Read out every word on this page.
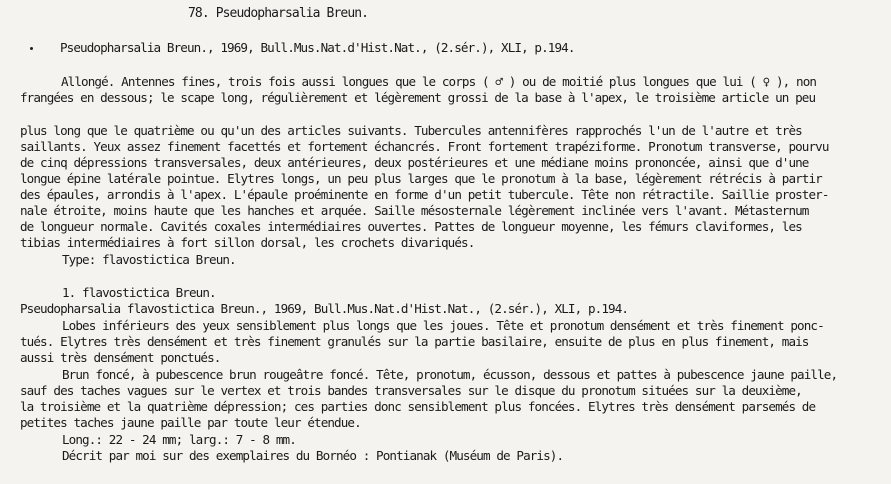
78. Pseudopharsalia Breun.
Pseudopharsalia Breun., 1969, Bull.Mus.Nat.d'Hist.Nat., (2.sér.), XLI, p.194.
Allongé. Antennes fines, trois fois aussi longues que le corps ( ♂ ) ou de moitié plus longues que lui ( ♀ ), non
frangées en dessous; le scape long, régulièrement et légèrement grossi de la base à l'apex, le troisième article un peu
plus long que le quatrième ou qu'un des articles suivants. Tubercules antennifères rapprochés l'un de l'autre et très
saillants. Yeux assez finement facettés et fortement échancrés. Front fortement trapéziforme. Pronotum transverse, pourvu
de cinq dépressions transversales, deux antérieures, deux postérieures et une médiane moins prononcée, ainsi que d'une
longue épine latérale pointue. Elytres longs, un peu plus larges que le pronotum à la base, légèrement rétrécis à partir
des épaules, arrondis à l'apex. L'épaule proéminente en forme d'un petit tubercule. Tête non rétractile. Saillie proster-
nale étroite, moins haute que les hanches et arquée. Saille mésosternale légèrement inclinée vers l'avant. Métasternum
de longueur normale. Cavités coxales intermédiaires ouvertes. Pattes de longueur moyenne, les fémurs claviformes, les
tibias intermédiaires à fort sillon dorsal, les crochets divariqués.
Type: flavostictica Breun.
1. flavostictica Breun.
Pseudopharsalia flavostictica Breun., 1969, Bull.Mus.Nat.d'Hist.Nat., (2.sér.), XLI, p.194.
Lobes inférieurs des yeux sensiblement plus longs que les joues. Tête et pronotum densément et très finement ponc-
tués. Elytres très densément et très finement granulés sur la partie basilaire, ensuite de plus en plus finement, mais
aussi très densément ponctués.
Brun foncé, à pubescence brun rougeâtre foncé. Tête, pronotum, écusson, dessous et pattes à pubescence jaune paille,
sauf des taches vagues sur le vertex et trois bandes transversales sur le disque du pronotum situées sur la deuxième,
la troisième et la quatrième dépression; ces parties donc sensiblement plus foncées. Elytres très densément parsemés de
petites taches jaune paille par toute leur étendue.
Long.: 22 - 24 mm; larg.: 7 - 8 mm.
Décrit par moi sur des exemplaires du Bornéo : Pontianak (Muséum de Paris).
